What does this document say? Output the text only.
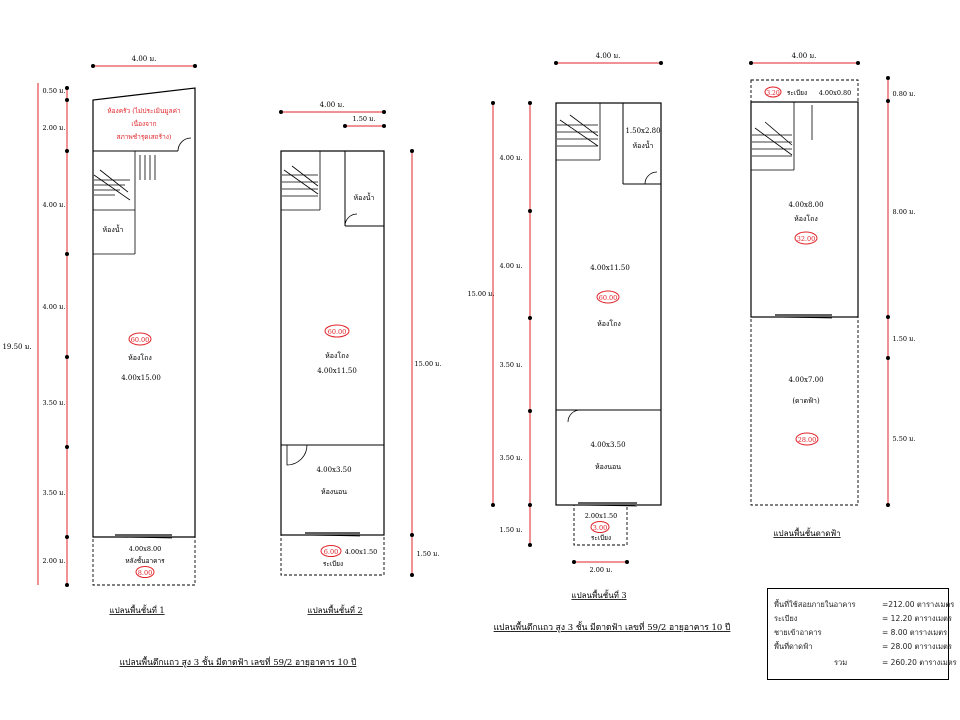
4.00 ม.
19.50 ม.
0.50 ม.
2.00 ม.
4.00 ม.
4.00 ม.
3.50 ม.
3.50 ม.
2.00 ม.
ห้องน้ำ
ห้องครัว (ไม่ประเมินมูลค่า
เนื่องจาก
สภาพชำรุดเสถร้าง)
60.00
ห้องโถง
4.00x15.00
4.00x8.00
หลังชั้นอาคาร
8.00
แปลนพื้นชั้นที่ 1
4.00 ม.
1.50 ม.
15.00 ม.
1.50 ม.
ห้องน้ำ
60.00
ห้องโถง
4.00x11.50
4.00x3.50
ห้องนอน
6.00 4.00x1.50
ระเบียง
แปลนพื้นชั้นที่ 2
4.00 ม.
15.00 ม.
4.00 ม.
4.00 ม.
3.50 ม.
3.50 ม.
1.50 ม.
1.50x2.80
ห้องน้ำ
4.00x11.50
60.00
ห้องโถง
4.00x3.50
ห้องนอน
2.00x1.50
3.00
ระเบียง
2.00 ม.
แปลนพื้นชั้นที่ 3
4.00 ม.
0.80 ม.
8.00 ม.
1.50 ม.
5.50 ม.
3.20 ระเบียง 4.00x0.80
4.00x8.00
ห้องโถง
32.00
4.00x7.00
(ดาดฟ้า)
28.00
แปลนพื้นชั้นดาดฟ้า
แปลนพื้นตึกแถว สูง 3 ชั้น มีดาดฟ้า เลขที่ 59/2 อายุอาคาร 10 ปี
แปลนพื้นตึกแถว สูง 3 ชั้น มีดาดฟ้า เลขที่ 59/2 อายุอาคาร 10 ปี
พื้นที่ใช้สอยภายในอาคาร	=212.00 ตารางเมตร
ระเบียง	= 12.20 ตารางเมตร
ชายเข้าอาคาร	= 8.00 ตารางเมตร
พื้นที่ดาดฟ้า	= 28.00 ตารางเมตร
รวม	= 260.20 ตารางเมตร
